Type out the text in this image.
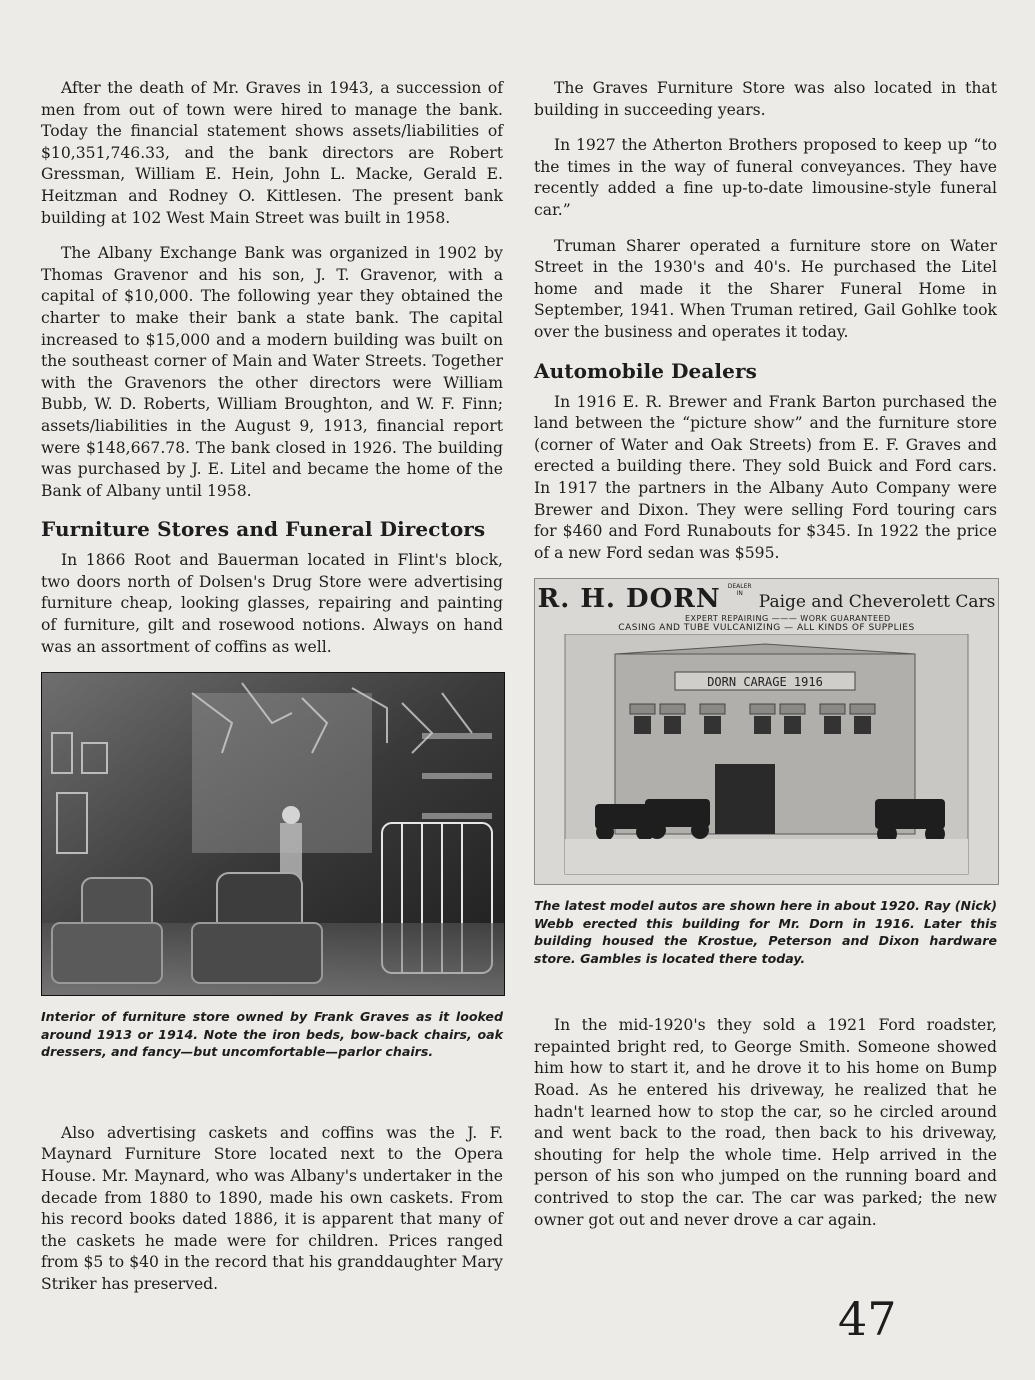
After the death of Mr. Graves in 1943, a succession of men from out of town were hired to manage the bank. Today the financial statement shows assets/liabilities of $10,351,746.33, and the bank directors are Robert Gressman, William E. Hein, John L. Macke, Gerald E. Heitzman and Rodney O. Kittlesen. The present bank building at 102 West Main Street was built in 1958.

The Albany Exchange Bank was organized in 1902 by Thomas Gravenor and his son, J. T. Gravenor, with a capital of $10,000. The following year they obtained the charter to make their bank a state bank. The capital increased to $15,000 and a modern building was built on the southeast corner of Main and Water Streets. Together with the Gravenors the other directors were William Bubb, W. D. Roberts, William Broughton, and W. F. Finn; assets/liabilities in the August 9, 1913, financial report were $148,667.78. The bank closed in 1926. The building was purchased by J. E. Litel and became the home of the Bank of Albany until 1958.

Furniture Stores and Funeral Directors

In 1866 Root and Bauerman located in Flint's block, two doors north of Dolsen's Drug Store were advertising furniture cheap, looking glasses, repairing and painting of furniture, gilt and rosewood notions. Always on hand was an assortment of coffins as well.

Interior of furniture store owned by Frank Graves as it looked around 1913 or 1914. Note the iron beds, bow-back chairs, oak dressers, and fancy—but uncomfortable—parlor chairs.

Also advertising caskets and coffins was the J. F. Maynard Furniture Store located next to the Opera House. Mr. Maynard, who was Albany's undertaker in the decade from 1880 to 1890, made his own caskets. From his record books dated 1886, it is apparent that many of the caskets he made were for children. Prices ranged from $5 to $40 in the record that his granddaughter Mary Striker has preserved.

The Graves Furniture Store was also located in that building in succeeding years.

In 1927 the Atherton Brothers proposed to keep up “to the times in the way of funeral conveyances. They have recently added a fine up-to-date limousine-style funeral car.”

Truman Sharer operated a furniture store on Water Street in the 1930's and 40's. He purchased the Litel home and made it the Sharer Funeral Home in September, 1941. When Truman retired, Gail Gohlke took over the business and operates it today.

Automobile Dealers

In 1916 E. R. Brewer and Frank Barton purchased the land between the “picture show” and the furniture store (corner of Water and Oak Streets) from E. F. Graves and erected a building there. They sold Buick and Ford cars. In 1917 the partners in the Albany Auto Company were Brewer and Dixon. They were selling Ford touring cars for $460 and Ford Runabouts for $345. In 1922 the price of a new Ford sedan was $595.

R. H. DORN DEALER IN Paige and Cheverolett Cars
EXPERT REPAIRING ——— WORK GUARANTEED
CASING AND TUBE VULCANIZING — ALL KINDS OF SUPPLIES
DORN CARAGE 1916

The latest model autos are shown here in about 1920. Ray (Nick) Webb erected this building for Mr. Dorn in 1916. Later this building housed the Krostue, Peterson and Dixon hardware store. Gambles is located there today.

In the mid-1920's they sold a 1921 Ford roadster, repainted bright red, to George Smith. Someone showed him how to start it, and he drove it to his home on Bump Road. As he entered his driveway, he realized that he hadn't learned how to stop the car, so he circled around and went back to the road, then back to his driveway, shouting for help the whole time. Help arrived in the person of his son who jumped on the running board and contrived to stop the car. The car was parked; the new owner got out and never drove a car again.

47
